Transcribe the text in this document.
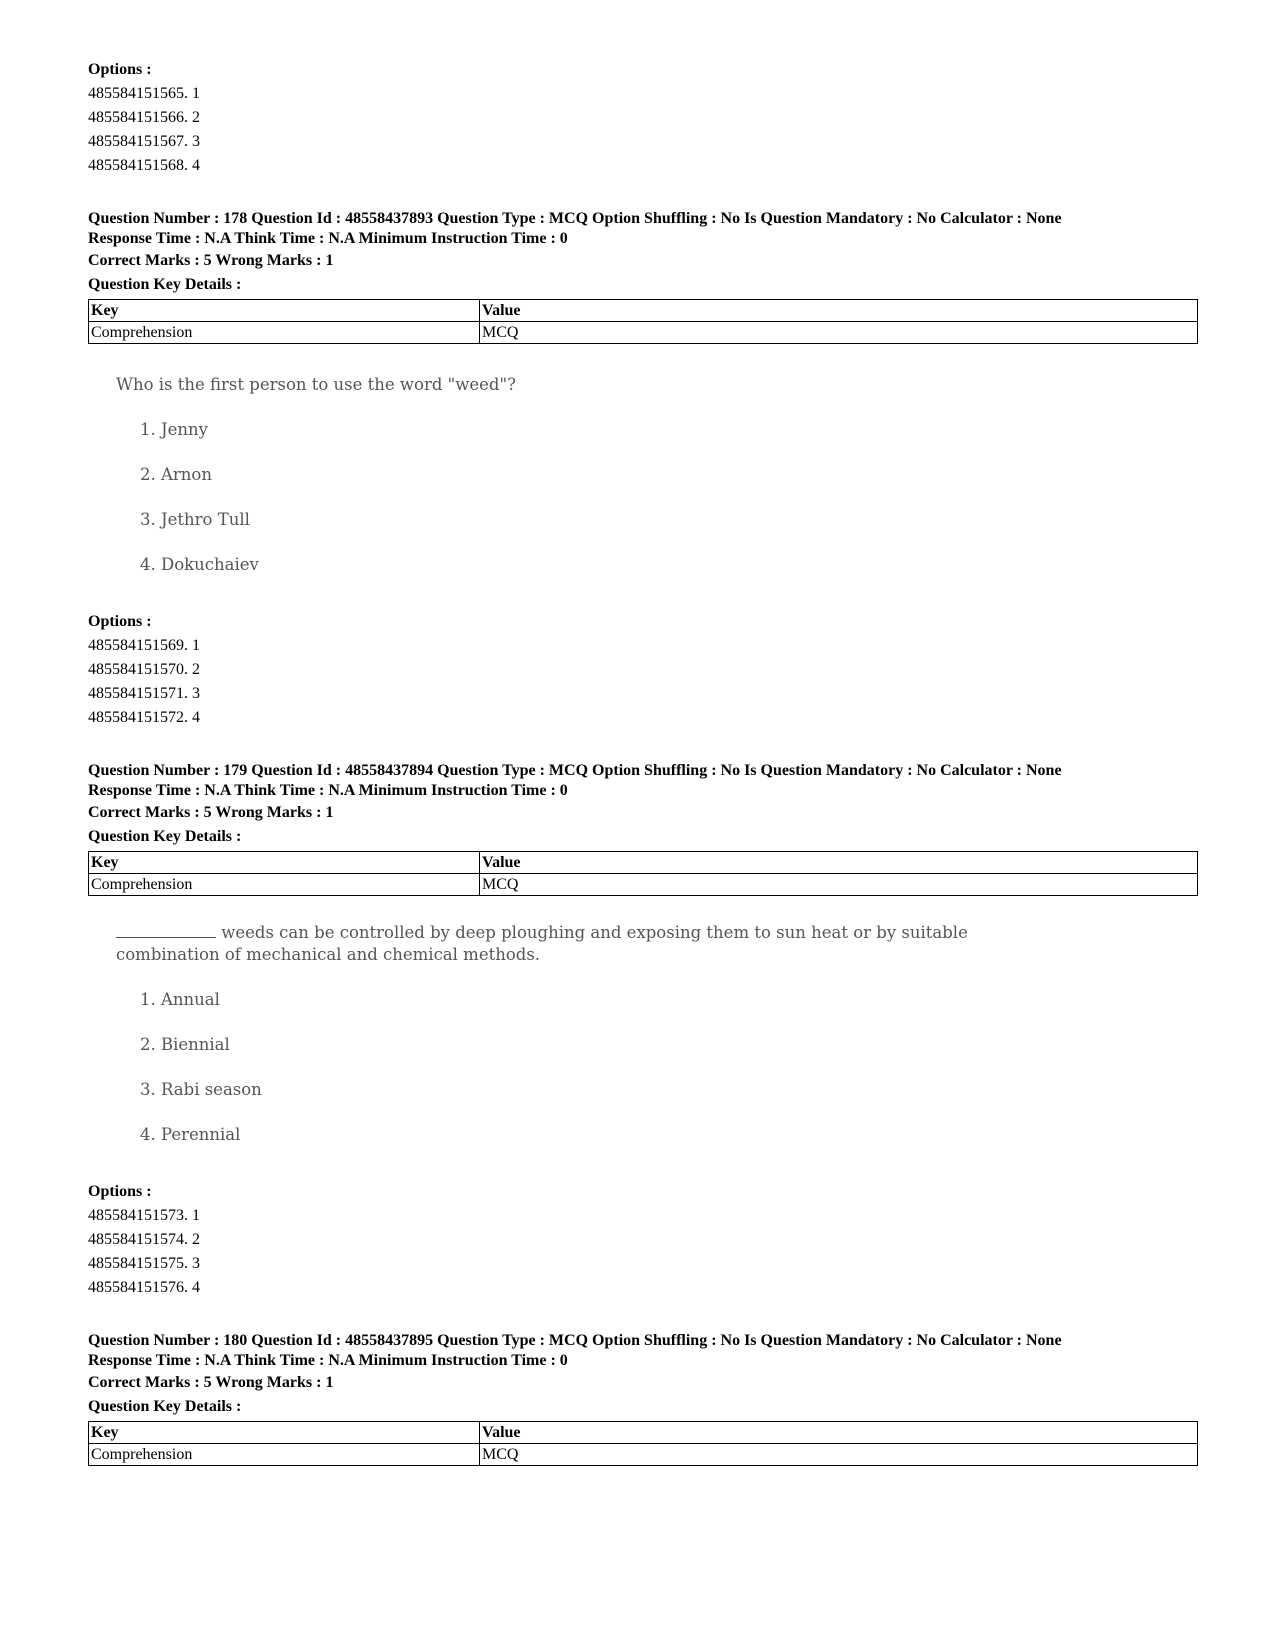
Options :
485584151565. 1
485584151566. 2
485584151567. 3
485584151568. 4
Question Number : 178 Question Id : 48558437893 Question Type : MCQ Option Shuffling : No Is Question Mandatory : No Calculator : None
Response Time : N.A Think Time : N.A Minimum Instruction Time : 0
Correct Marks : 5 Wrong Marks : 1
Question Key Details :
Key	Value
Comprehension	MCQ
Who is the first person to use the word "weed"?
1. Jenny
2. Arnon
3. Jethro Tull
4. Dokuchaiev
Options :
485584151569. 1
485584151570. 2
485584151571. 3
485584151572. 4
Question Number : 179 Question Id : 48558437894 Question Type : MCQ Option Shuffling : No Is Question Mandatory : No Calculator : None
Response Time : N.A Think Time : N.A Minimum Instruction Time : 0
Correct Marks : 5 Wrong Marks : 1
Question Key Details :
Key	Value
Comprehension	MCQ
weeds can be controlled by deep ploughing and exposing them to sun heat or by suitable
combination of mechanical and chemical methods.
1. Annual
2. Biennial
3. Rabi season
4. Perennial
Options :
485584151573. 1
485584151574. 2
485584151575. 3
485584151576. 4
Question Number : 180 Question Id : 48558437895 Question Type : MCQ Option Shuffling : No Is Question Mandatory : No Calculator : None
Response Time : N.A Think Time : N.A Minimum Instruction Time : 0
Correct Marks : 5 Wrong Marks : 1
Question Key Details :
Key	Value
Comprehension	MCQ
